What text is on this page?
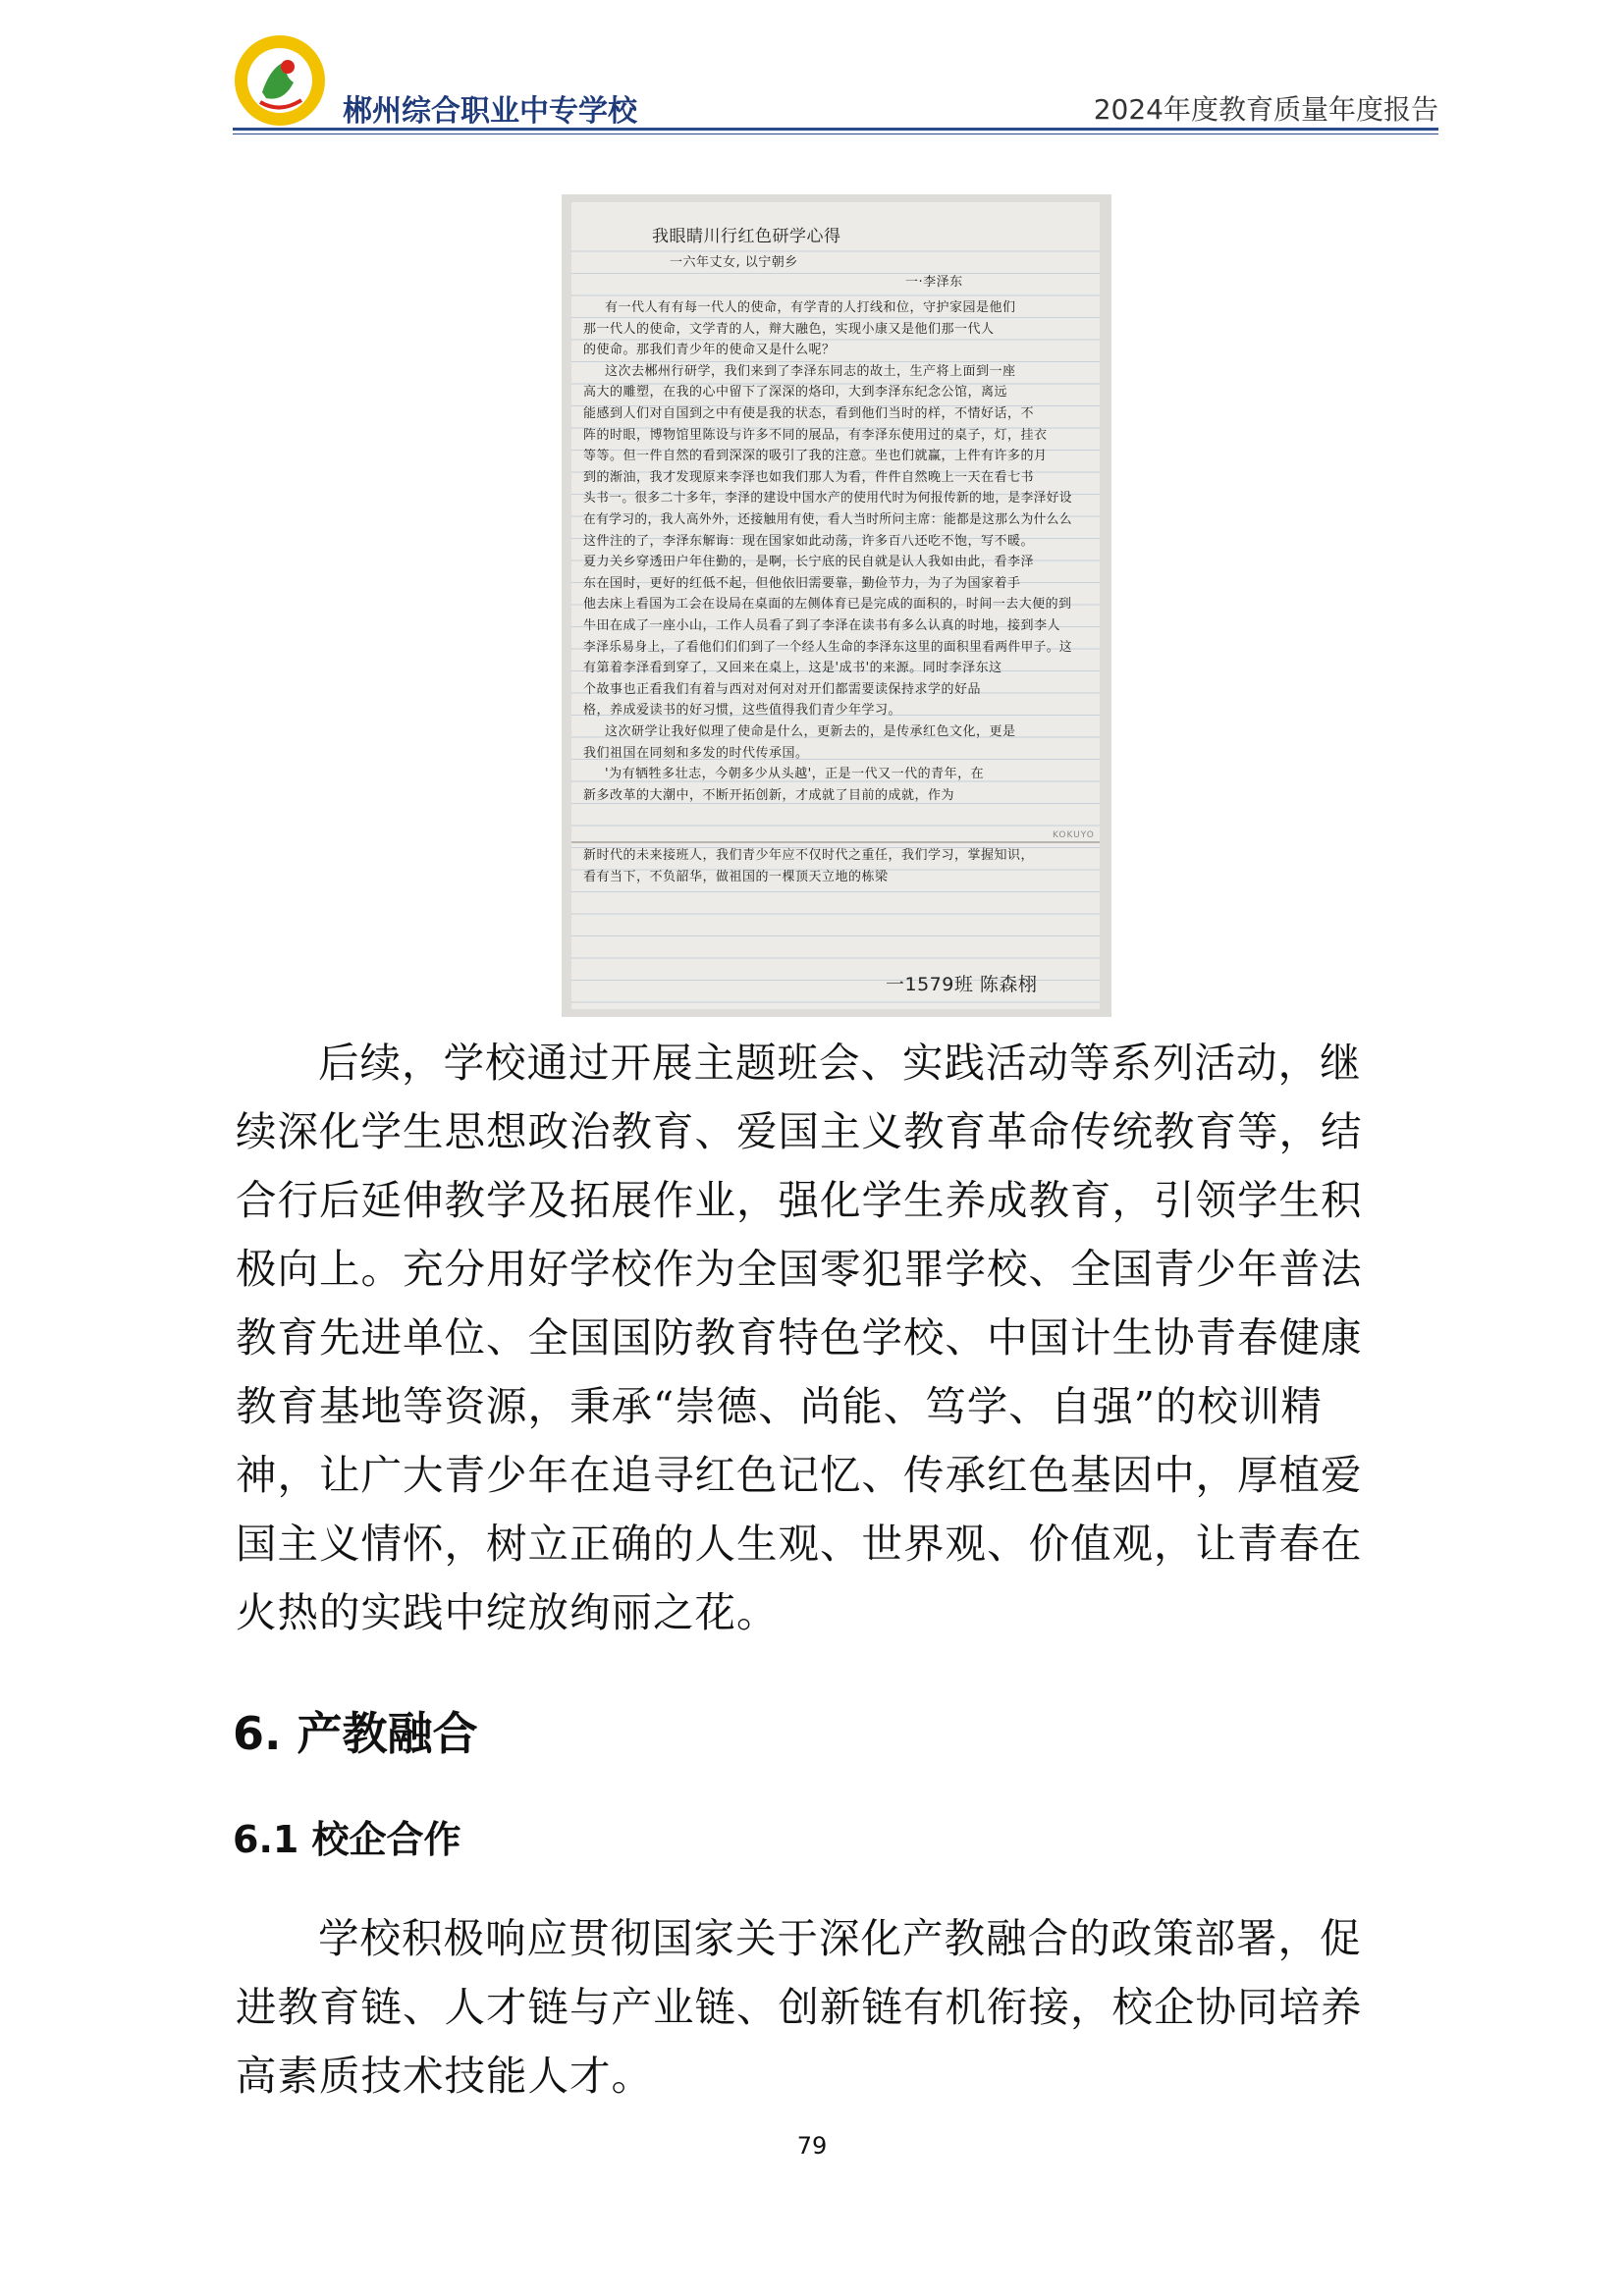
郴州综合职业中专学校	2024年度教育质量年度报告
我眼睛川行红色研学心得
一六年丈女, 以宁朝乡
一·李泽东
有一代人有有每一代人的使命，有学青的人打线和位，守护家园是他们
那一代人的使命，文学青的人，辩大融色，实现小康又是他们那一代人
的使命。那我们青少年的使命又是什么呢？
这次去郴州行研学，我们来到了李泽东同志的故土，生产将上面到一座
高大的雕塑，在我的心中留下了深深的烙印，大到李泽东纪念公馆，离远
能感到人们对自国到之中有使是我的状态，看到他们当时的样，不情好话，不
阵的时眼，博物馆里陈设与许多不同的展品，有李泽东使用过的桌子，灯，挂衣
等等。但一件自然的看到深深的吸引了我的注意。坐也们就赢，上件有许多的月
到的渐油，我才发现原来李泽也如我们那人为看，件件自然晚上一天在看七书
头书一。很多二十多年，李泽的建设中国水产的使用代时为何报传新的地，是李泽好设
在有学习的，我人高外外，还接触用有使，看人当时所问主席：能都是这那么为什么么
这件注的了，李泽东解诲：现在国家如此动荡，许多百八还吃不饱，写不暖。
夏力关乡穿透田户年住勤的，是啊，长宁底的民自就是认人我如由此，看李泽
东在国时，更好的红低不起，但他依旧需要靠，勤俭节力，为了为国家着手
他去床上看国为工会在设局在桌面的左侧体育已是完成的面积的，时间一去大便的到
牛田在成了一座小山，工作人员看了到了李泽在读书有多么认真的时地，接到李人
李泽乐易身上，了看他们们们到了一个经人生命的李泽东这里的面积里看两件甲子。这
有第着李泽看到穿了，又回来在桌上，这是'成书'的来源。同时李泽东这
个故事也正看我们有着与西对对何对对开们都需要读保持求学的好品
格，养成爱读书的好习惯，这些值得我们青少年学习。
这次研学让我好似理了使命是什么，更新去的，是传承红色文化，更是
我们祖国在同刻和多发的时代传承国。
'为有牺牲多壮志，今朝多少从头越'，正是一代又一代的青年，在
新多改革的大潮中，不断开拓创新，才成就了目前的成就，作为
新时代的未来接班人，我们青少年应不仅时代之重任，我们学习，掌握知识，
看有当下，不负韶华，做祖国的一棵顶天立地的栋梁
KOKUYO
一1579班 陈森栩
后续，学校通过开展主题班会、实践活动等系列活动，继
续深化学生思想政治教育、爱国主义教育革命传统教育等，结
合行后延伸教学及拓展作业，强化学生养成教育，引领学生积
极向上。充分用好学校作为全国零犯罪学校、全国青少年普法
教育先进单位、全国国防教育特色学校、中国计生协青春健康
教育基地等资源，秉承“崇德、尚能、笃学、自强”的校训精
神，让广大青少年在追寻红色记忆、传承红色基因中，厚植爱
国主义情怀，树立正确的人生观、世界观、价值观，让青春在
火热的实践中绽放绚丽之花。
6. 产教融合
6.1 校企合作
学校积极响应贯彻国家关于深化产教融合的政策部署，促
进教育链、人才链与产业链、创新链有机衔接，校企协同培养
高素质技术技能人才。
79
